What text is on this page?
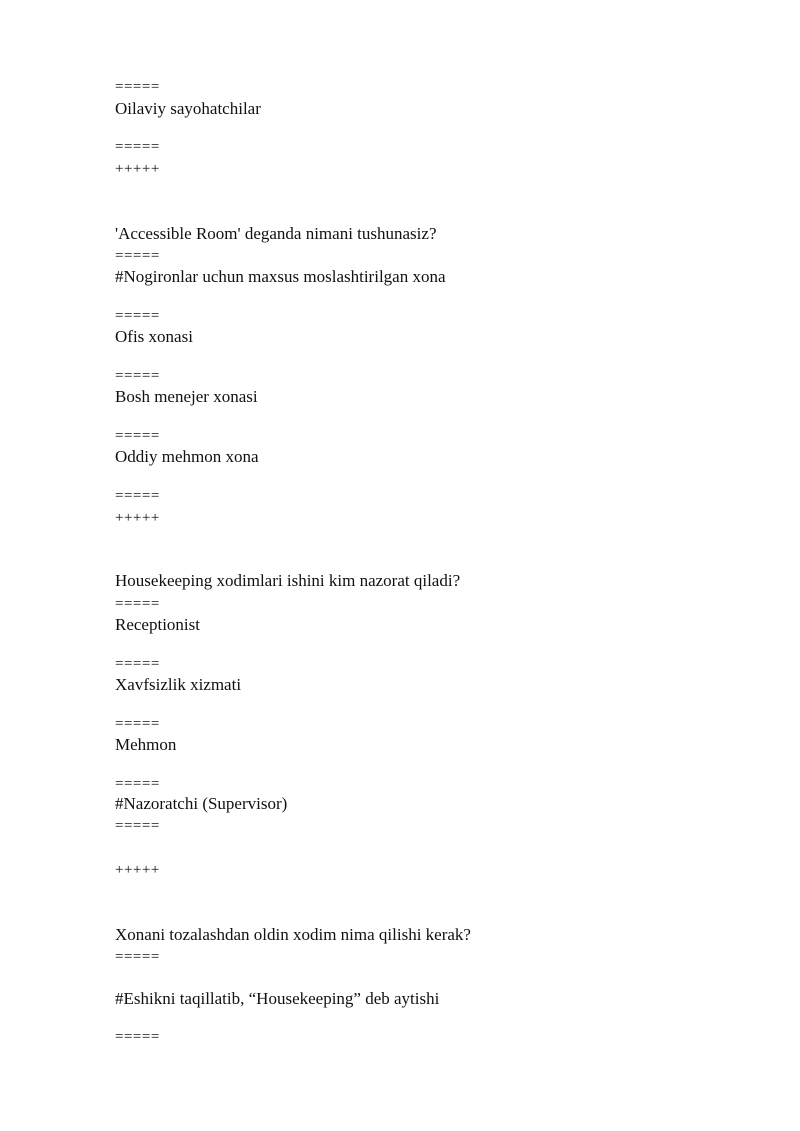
=====
Oilaviy sayohatchilar
=====
+++++
'Accessible Room' deganda nimani tushunasiz?
=====
#Nogironlar uchun maxsus moslashtirilgan xona
=====
Ofis xonasi
=====
Bosh menejer xonasi
=====
Oddiy mehmon xona
=====
+++++
Housekeeping xodimlari ishini kim nazorat qiladi?
=====
Receptionist
=====
Xavfsizlik xizmati
=====
Mehmon
=====
#Nazoratchi (Supervisor)
=====
+++++
Xonani tozalashdan oldin xodim nima qilishi kerak?
=====
#Eshikni taqillatib, “Housekeeping” deb aytishi
=====
